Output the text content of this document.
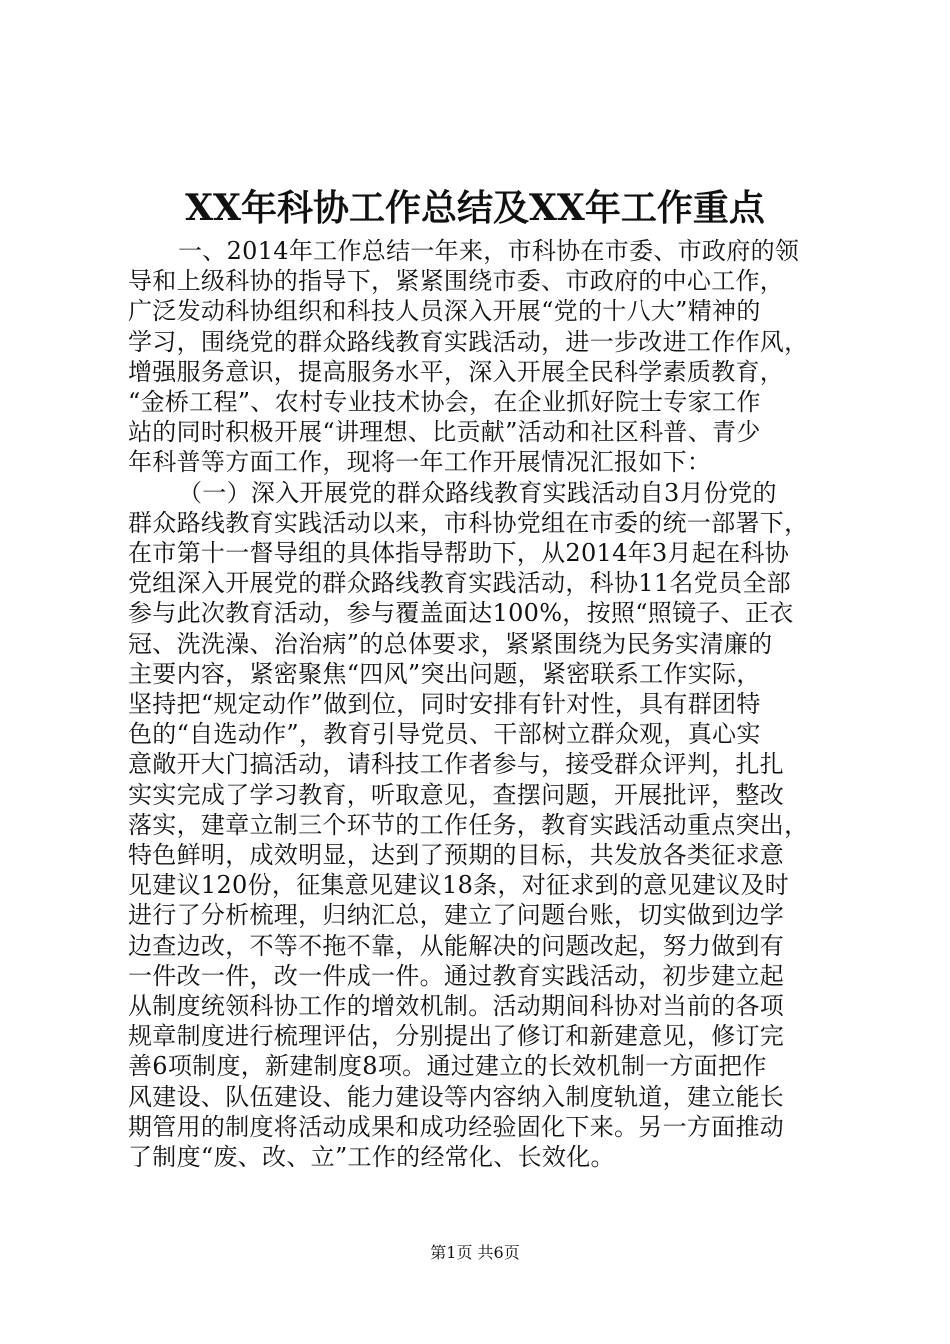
XX年科协工作总结及XX年工作重点
一、2014年工作总结一年来，市科协在市委、市政府的领
导和上级科协的指导下，紧紧围绕市委、市政府的中心工作，
广泛发动科协组织和科技人员深入开展“党的十八大”精神的
学习，围绕党的群众路线教育实践活动，进一步改进工作作风，
增强服务意识，提高服务水平，深入开展全民科学素质教育，
“金桥工程”、农村专业技术协会，在企业抓好院士专家工作
站的同时积极开展“讲理想、比贡献”活动和社区科普、青少
年科普等方面工作，现将一年工作开展情况汇报如下：
（一）深入开展党的群众路线教育实践活动自3月份党的
群众路线教育实践活动以来，市科协党组在市委的统一部署下，
在市第十一督导组的具体指导帮助下，从2014年3月起在科协
党组深入开展党的群众路线教育实践活动，科协11名党员全部
参与此次教育活动，参与覆盖面达100%，按照“照镜子、正衣
冠、洗洗澡、治治病”的总体要求，紧紧围绕为民务实清廉的
主要内容，紧密聚焦“四风”突出问题，紧密联系工作实际，
坚持把“规定动作”做到位，同时安排有针对性，具有群团特
色的“自选动作”，教育引导党员、干部树立群众观，真心实
意敞开大门搞活动，请科技工作者参与，接受群众评判，扎扎
实实完成了学习教育，听取意见，查摆问题，开展批评，整改
落实，建章立制三个环节的工作任务，教育实践活动重点突出，
特色鲜明，成效明显，达到了预期的目标，共发放各类征求意
见建议120份，征集意见建议18条，对征求到的意见建议及时
进行了分析梳理，归纳汇总，建立了问题台账，切实做到边学
边查边改，不等不拖不靠，从能解决的问题改起，努力做到有
一件改一件，改一件成一件。通过教育实践活动，初步建立起
从制度统领科协工作的增效机制。活动期间科协对当前的各项
规章制度进行梳理评估，分别提出了修订和新建意见，修订完
善6项制度，新建制度8项。通过建立的长效机制一方面把作
风建设、队伍建设、能力建设等内容纳入制度轨道，建立能长
期管用的制度将活动成果和成功经验固化下来。另一方面推动
了制度“废、改、立”工作的经常化、长效化。
第1页 共6页
